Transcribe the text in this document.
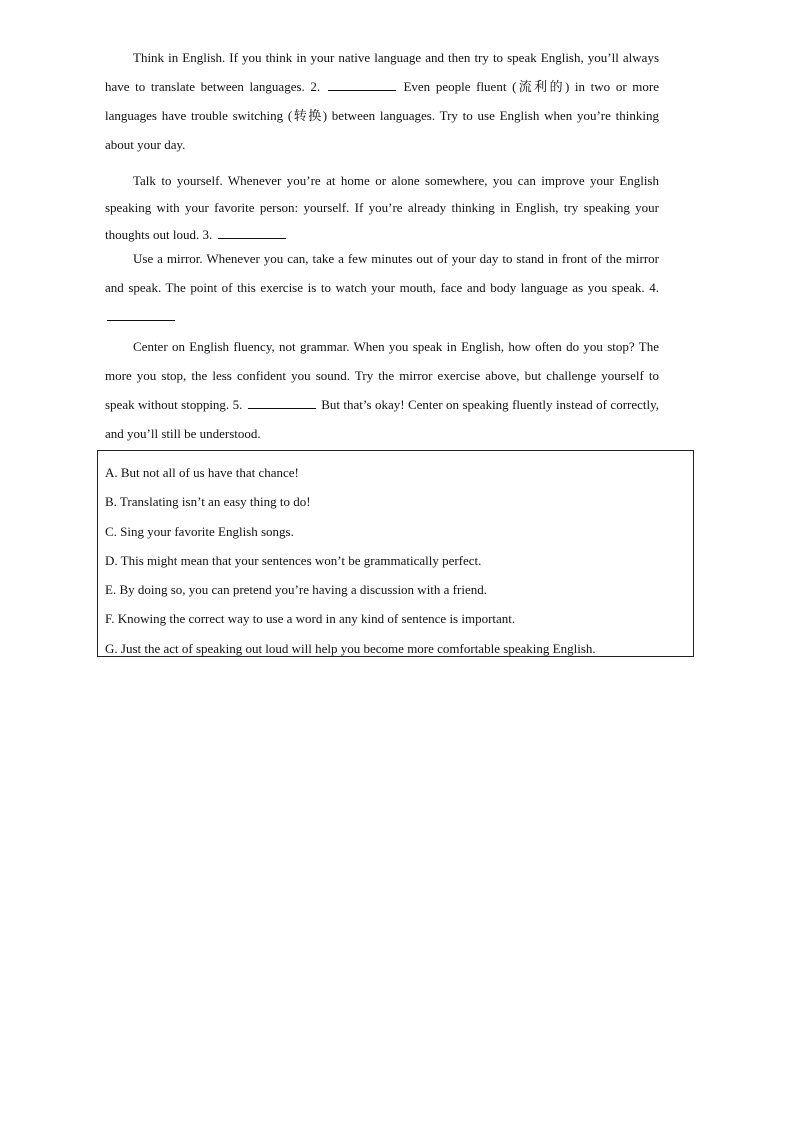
Think in English. If you think in your native language and then try to speak English, you’ll always have to translate between languages. 2.	Even people fluent (流利的) in two or more languages have trouble switching (转换) between languages. Try to use English when you’re thinking about your day.

Talk to yourself. Whenever you’re at home or alone somewhere, you can improve your English speaking with your favorite person: yourself. If you’re already thinking in English, try speaking your thoughts out loud. 3.

Use a mirror. Whenever you can, take a few minutes out of your day to stand in front of the mirror and speak. The point of this exercise is to watch your mouth, face and body language as you speak. 4.

Center on English fluency, not grammar. When you speak in English, how often do you stop? The more you stop, the less confident you sound. Try the mirror exercise above, but challenge yourself to speak without stopping. 5.	But that’s okay! Center on speaking fluently instead of correctly, and you’ll still be understood.

A. But not all of us have that chance!

B. Translating isn’t an easy thing to do!

C. Sing your favorite English songs.

D. This might mean that your sentences won’t be grammatically perfect.

E. By doing so, you can pretend you’re having a discussion with a friend.

F. Knowing the correct way to use a word in any kind of sentence is important.

G. Just the act of speaking out loud will help you become more comfortable speaking English.
